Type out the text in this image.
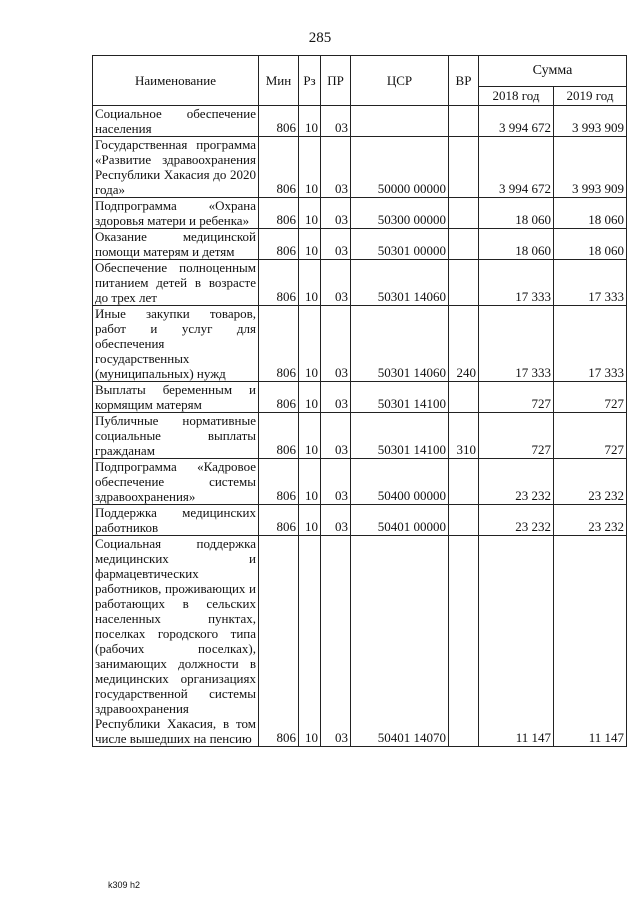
285
Наименование	Мин	Рз	ПР	ЦСР	ВР	Сумма	
						2018 год	2019 год
Социальное обеспечение населения	806	10	03			3 994 672	3 993 909
Государственная программа «Развитие здравоохранения Республики Хакасия до 2020 года»	806	10	03	50000 00000		3 994 672	3 993 909
Подпрограмма «Охрана здоровья матери и ребенка»	806	10	03	50300 00000		18 060	18 060
Оказание медицинской помощи матерям и детям	806	10	03	50301 00000		18 060	18 060
Обеспечение полноценным питанием детей в возрасте до трех лет	806	10	03	50301 14060		17 333	17 333
Иные закупки товаров, работ и услуг для обеспечения государственных (муниципальных) нужд	806	10	03	50301 14060	240	17 333	17 333
Выплаты беременным и кормящим матерям	806	10	03	50301 14100		727	727
Публичные нормативные социальные выплаты гражданам	806	10	03	50301 14100	310	727	727
Подпрограмма «Кадровое обеспечение системы здравоохранения»	806	10	03	50400 00000		23 232	23 232
Поддержка медицинских работников	806	10	03	50401 00000		23 232	23 232
Социальная поддержка медицинских и фармацевтических работников, проживающих и работающих в сельских населенных пунктах, поселках городского типа (рабочих поселках), занимающих должности в медицинских организациях государственной системы здравоохранения Республики Хакасия, в том числе вышедших на пенсию	806	10	03	50401 14070		11 147	11 147
k309 h2
